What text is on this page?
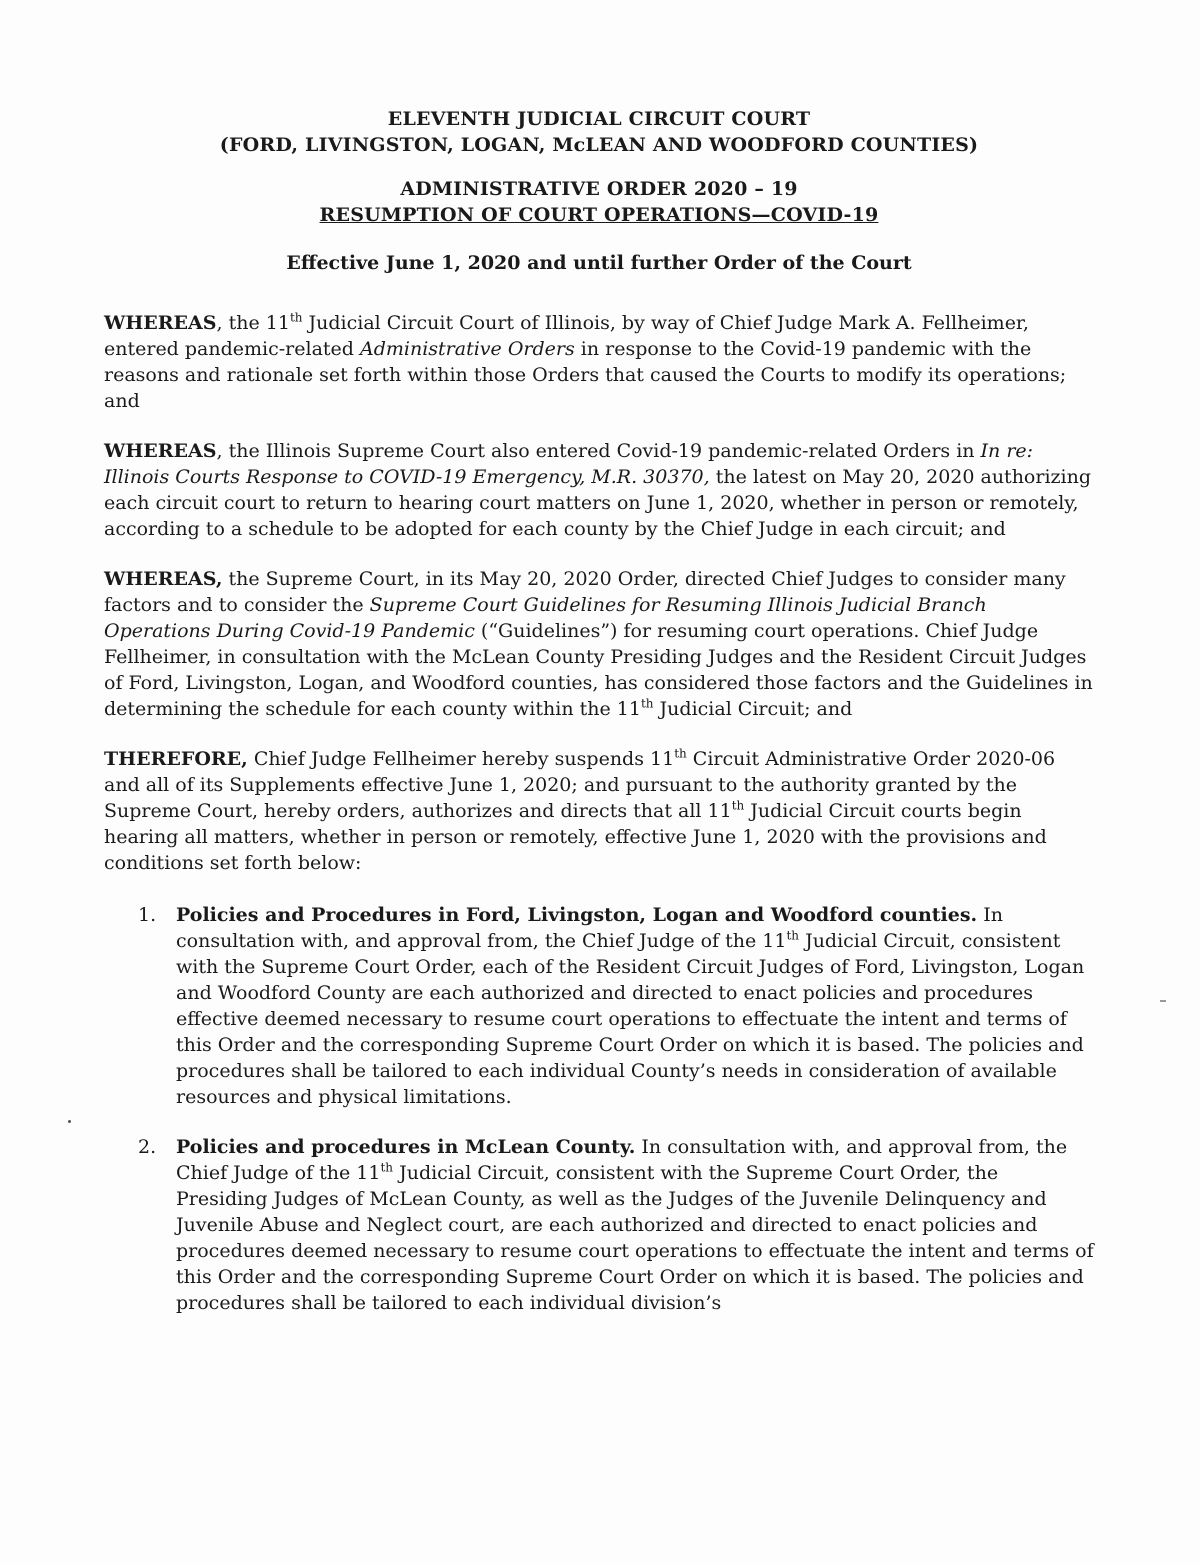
ELEVENTH JUDICIAL CIRCUIT COURT
(FORD, LIVINGSTON, LOGAN, McLEAN AND WOODFORD COUNTIES)
ADMINISTRATIVE ORDER 2020 – 19
RESUMPTION OF COURT OPERATIONS—COVID-19
Effective June 1, 2020 and until further Order of the Court

WHEREAS, the 11th Judicial Circuit Court of Illinois, by way of Chief Judge Mark A. Fellheimer, entered pandemic-related Administrative Orders in response to the Covid-19 pandemic with the reasons and rationale set forth within those Orders that caused the Courts to modify its operations; and

WHEREAS, the Illinois Supreme Court also entered Covid-19 pandemic-related Orders in In re: Illinois Courts Response to COVID-19 Emergency, M.R. 30370, the latest on May 20, 2020 authorizing each circuit court to return to hearing court matters on June 1, 2020, whether in person or remotely, according to a schedule to be adopted for each county by the Chief Judge in each circuit; and

WHEREAS, the Supreme Court, in its May 20, 2020 Order, directed Chief Judges to consider many factors and to consider the Supreme Court Guidelines for Resuming Illinois Judicial Branch Operations During Covid-19 Pandemic (“Guidelines”) for resuming court operations. Chief Judge Fellheimer, in consultation with the McLean County Presiding Judges and the Resident Circuit Judges of Ford, Livingston, Logan, and Woodford counties, has considered those factors and the Guidelines in determining the schedule for each county within the 11th Judicial Circuit; and

THEREFORE, Chief Judge Fellheimer hereby suspends 11th Circuit Administrative Order 2020-06 and all of its Supplements effective June 1, 2020; and pursuant to the authority granted by the Supreme Court, hereby orders, authorizes and directs that all 11th Judicial Circuit courts begin hearing all matters, whether in person or remotely, effective June 1, 2020 with the provisions and conditions set forth below:

1. Policies and Procedures in Ford, Livingston, Logan and Woodford counties. In consultation with, and approval from, the Chief Judge of the 11th Judicial Circuit, consistent with the Supreme Court Order, each of the Resident Circuit Judges of Ford, Livingston, Logan and Woodford County are each authorized and directed to enact policies and procedures effective deemed necessary to resume court operations to effectuate the intent and terms of this Order and the corresponding Supreme Court Order on which it is based. The policies and procedures shall be tailored to each individual County’s needs in consideration of available resources and physical limitations.
2. Policies and procedures in McLean County. In consultation with, and approval from, the Chief Judge of the 11th Judicial Circuit, consistent with the Supreme Court Order, the Presiding Judges of McLean County, as well as the Judges of the Juvenile Delinquency and Juvenile Abuse and Neglect court, are each authorized and directed to enact policies and procedures deemed necessary to resume court operations to effectuate the intent and terms of this Order and the corresponding Supreme Court Order on which it is based. The policies and procedures shall be tailored to each individual division’s
